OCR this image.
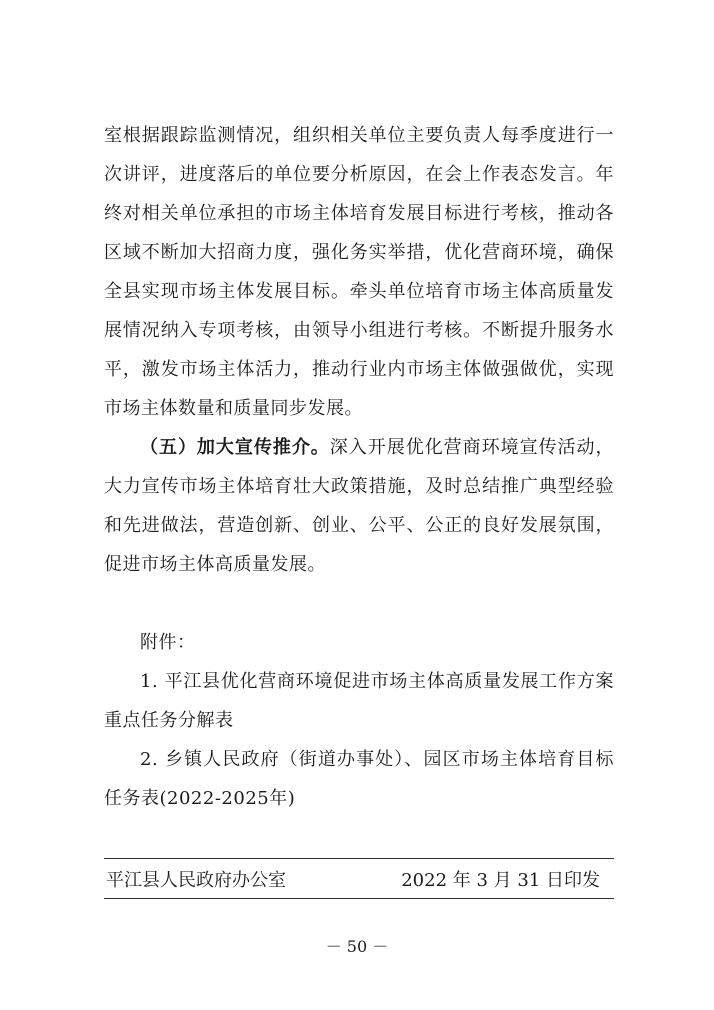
室根据跟踪监测情况，组织相关单位主要负责人每季度进行一次讲评，进度落后的单位要分析原因，在会上作表态发言。年终对相关单位承担的市场主体培育发展目标进行考核，推动各区域不断加大招商力度，强化务实举措，优化营商环境，确保全县实现市场主体发展目标。牵头单位培育市场主体高质量发展情况纳入专项考核，由领导小组进行考核。不断提升服务水平，激发市场主体活力，推动行业内市场主体做强做优，实现市场主体数量和质量同步发展。

（五）加大宣传推介。深入开展优化营商环境宣传活动，大力宣传市场主体培育壮大政策措施，及时总结推广典型经验和先进做法，营造创新、创业、公平、公正的良好发展氛围，促进市场主体高质量发展。

附件：

1. 平江县优化营商环境促进市场主体高质量发展工作方案重点任务分解表

2. 乡镇人民政府（街道办事处）、园区市场主体培育目标任务表(2022-2025年)

平江县人民政府办公室	2022 年 3 月 31 日印发
－ 50 －
